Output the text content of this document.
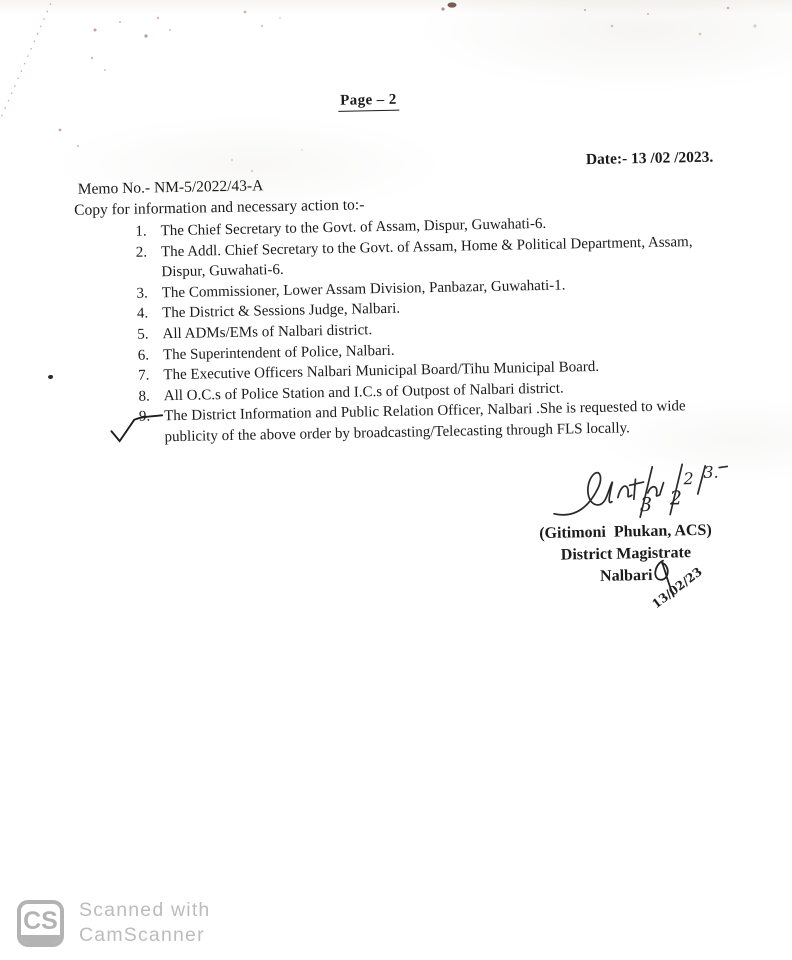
Page – 2
Date:- 13 /02 /2023.
Memo No.- NM-5/2022/43-A
Copy for information and necessary action to:-
1. The Chief Secretary to the Govt. of Assam, Dispur, Guwahati-6.
2. The Addl. Chief Secretary to the Govt. of Assam, Home & Political Department, Assam,
Dispur, Guwahati-6.
3. The Commissioner, Lower Assam Division, Panbazar, Guwahati-1.
4. The District & Sessions Judge, Nalbari.
5. All ADMs/EMs of Nalbari district.
6. The Superintendent of Police, Nalbari.
7. The Executive Officers Nalbari Municipal Board/Tihu Municipal Board.
8. All O.C.s of Police Station and I.C.s of Outpost of Nalbari district.
9. The District Information and Public Relation Officer, Nalbari .She is requested to wide
publicity of the above order by broadcasting/Telecasting through FLS locally.
3 2
2 3.
(Gitimoni  Phukan, ACS)
District Magistrate
Nalbari
13/02/23
CS Scanned with
CamScanner
